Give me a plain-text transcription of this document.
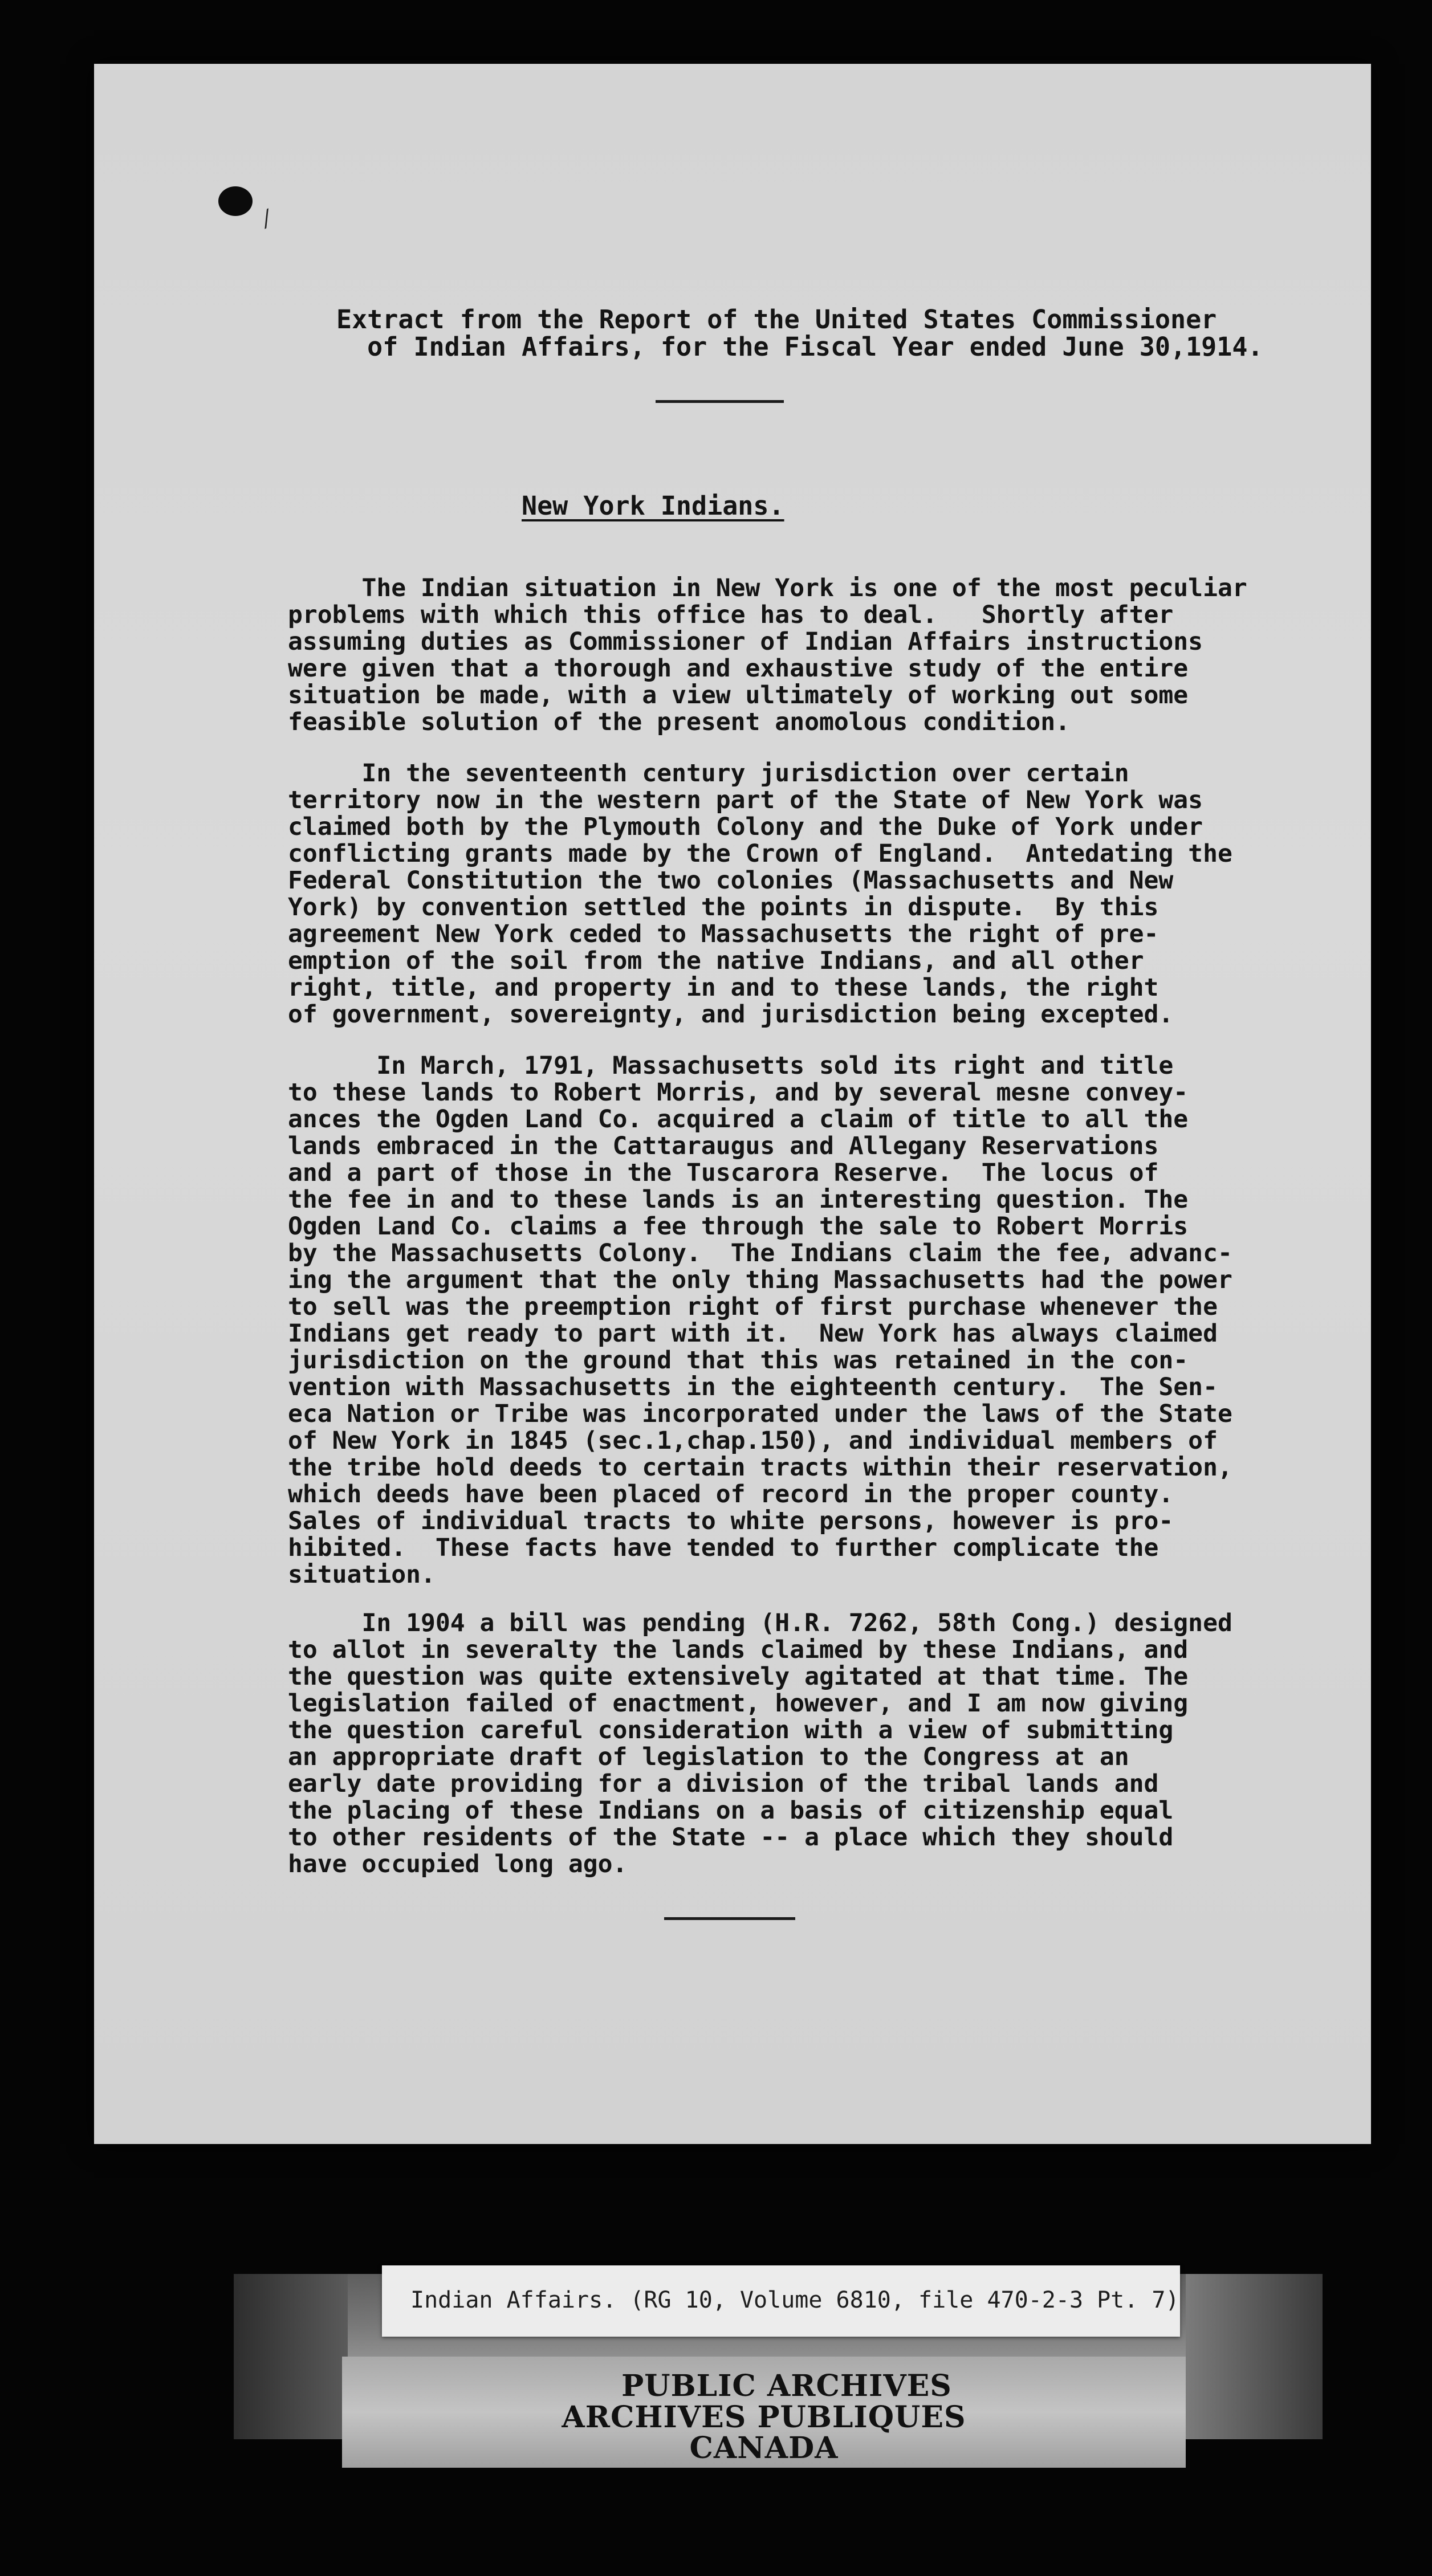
⁄
Extract from the Report of the United States Commissioner
of Indian Affairs, for the Fiscal Year ended June 30,1914.
New York Indians.
The Indian situation in New York is one of the most peculiar
problems with which this office has to deal.   Shortly after
assuming duties as Commissioner of Indian Affairs instructions
were given that a thorough and exhaustive study of the entire
situation be made, with a view ultimately of working out some
feasible solution of the present anomolous condition.
In the seventeenth century jurisdiction over certain
territory now in the western part of the State of New York was
claimed both by the Plymouth Colony and the Duke of York under
conflicting grants made by the Crown of England.  Antedating the
Federal Constitution the two colonies (Massachusetts and New
York) by convention settled the points in dispute.  By this
agreement New York ceded to Massachusetts the right of pre-
emption of the soil from the native Indians, and all other
right, title, and property in and to these lands, the right
of government, sovereignty, and jurisdiction being excepted.
In March, 1791, Massachusetts sold its right and title
to these lands to Robert Morris, and by several mesne convey-
ances the Ogden Land Co. acquired a claim of title to all the
lands embraced in the Cattaraugus and Allegany Reservations
and a part of those in the Tuscarora Reserve.  The locus of
the fee in and to these lands is an interesting question. The
Ogden Land Co. claims a fee through the sale to Robert Morris
by the Massachusetts Colony.  The Indians claim the fee, advanc-
ing the argument that the only thing Massachusetts had the power
to sell was the preemption right of first purchase whenever the
Indians get ready to part with it.  New York has always claimed
jurisdiction on the ground that this was retained in the con-
vention with Massachusetts in the eighteenth century.  The Sen-
eca Nation or Tribe was incorporated under the laws of the State
of New York in 1845 (sec.1,chap.150), and individual members of
the tribe hold deeds to certain tracts within their reservation,
which deeds have been placed of record in the proper county.
Sales of individual tracts to white persons, however is pro-
hibited.  These facts have tended to further complicate the
situation.
In 1904 a bill was pending (H.R. 7262, 58th Cong.) designed
to allot in severalty the lands claimed by these Indians, and
the question was quite extensively agitated at that time. The
legislation failed of enactment, however, and I am now giving
the question careful consideration with a view of submitting
an appropriate draft of legislation to the Congress at an
early date providing for a division of the tribal lands and
the placing of these Indians on a basis of citizenship equal
to other residents of the State -- a place which they should
have occupied long ago.
Indian Affairs. (RG 10, Volume 6810, file 470-2-3 Pt. 7)
PUBLIC ARCHIVES
ARCHIVES PUBLIQUES
CANADA
